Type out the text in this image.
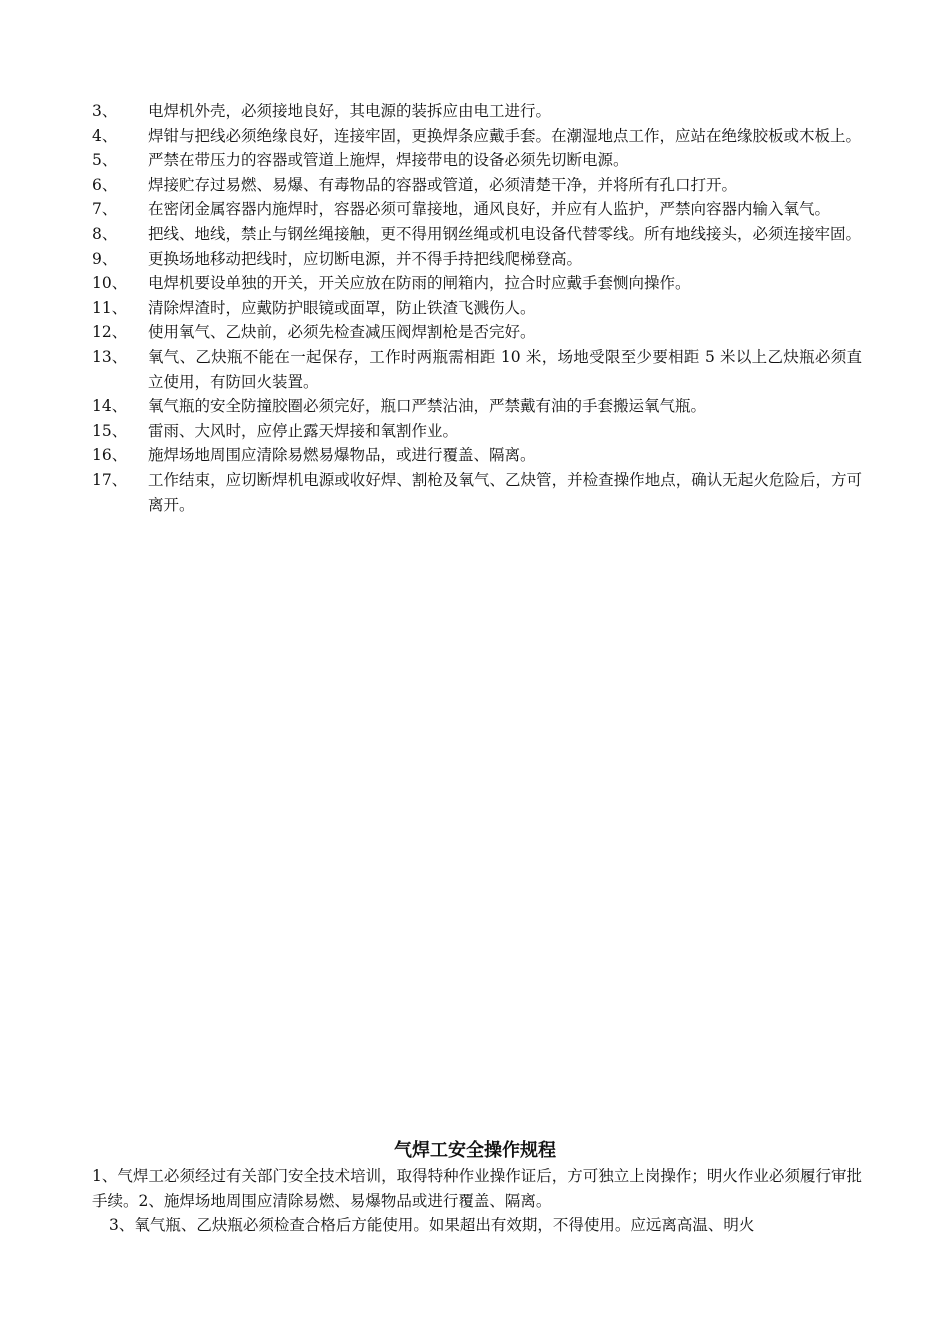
3、	电焊机外壳，必须接地良好，其电源的装拆应由电工进行。
4、	焊钳与把线必须绝缘良好，连接牢固，更换焊条应戴手套。在潮湿地点工作，应站在绝缘胶板或木板上。
5、	严禁在带压力的容器或管道上施焊，焊接带电的设备必须先切断电源。
6、	焊接贮存过易燃、易爆、有毒物品的容器或管道，必须清楚干净，并将所有孔口打开。
7、	在密闭金属容器内施焊时，容器必须可靠接地，通风良好，并应有人监护，严禁向容器内输入氧气。
8、	把线、地线，禁止与钢丝绳接触，更不得用钢丝绳或机电设备代替零线。所有地线接头，必须连接牢固。
9、	更换场地移动把线时，应切断电源，并不得手持把线爬梯登高。
10、	电焊机要设单独的开关，开关应放在防雨的闸箱内，拉合时应戴手套恻向操作。
11、	清除焊渣时，应戴防护眼镜或面罩，防止铁渣飞溅伤人。
12、	使用氧气、乙炔前，必须先检查减压阀焊割枪是否完好。
13、	氧气、乙炔瓶不能在一起保存，工作时两瓶需相距 10 米，场地受限至少要相距 5 米以上乙炔瓶必须直立使用，有防回火装置。
14、	氧气瓶的安全防撞胶圈必须完好，瓶口严禁沾油，严禁戴有油的手套搬运氧气瓶。
15、	雷雨、大风时，应停止露天焊接和氧割作业。
16、	施焊场地周围应清除易燃易爆物品，或进行覆盖、隔离。
17、	工作结束，应切断焊机电源或收好焊、割枪及氧气、乙炔管，并检查操作地点，确认无起火危险后，方可离开。
气焊工安全操作规程
1、气焊工必须经过有关部门安全技术培训，取得特种作业操作证后，方可独立上岗操作；明火作业必须履行审批手续。2、施焊场地周围应清除易燃、易爆物品或进行覆盖、隔离。
3、氧气瓶、乙炔瓶必须检查合格后方能使用。如果超出有效期，不得使用。应远离高温、明火
